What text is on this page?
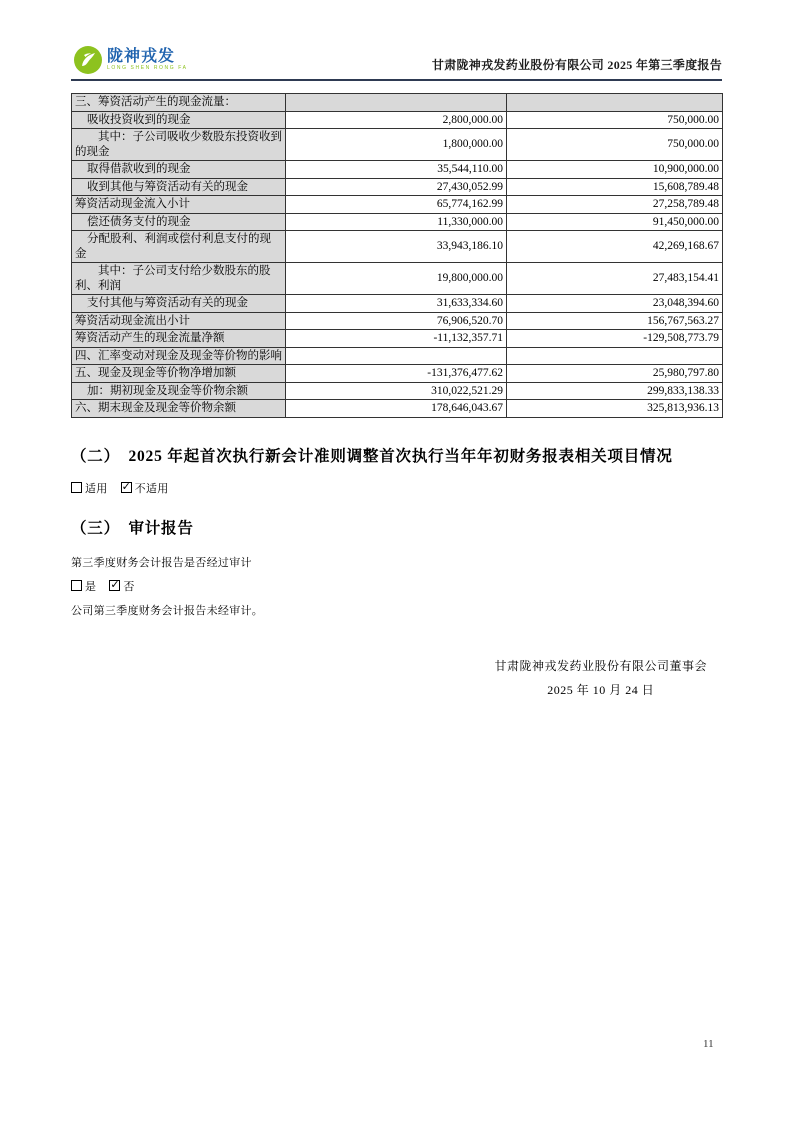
陇神戎发
LONG SHEN RONG FA	甘肃陇神戎发药业股份有限公司 2025 年第三季度报告
三、筹资活动产生的现金流量：		
吸收投资收到的现金	2,800,000.00	750,000.00
其中：子公司吸收少数股东投资收到的现金	1,800,000.00	750,000.00
取得借款收到的现金	35,544,110.00	10,900,000.00
收到其他与筹资活动有关的现金	27,430,052.99	15,608,789.48
筹资活动现金流入小计	65,774,162.99	27,258,789.48
偿还债务支付的现金	11,330,000.00	91,450,000.00
分配股利、利润或偿付利息支付的现金	33,943,186.10	42,269,168.67
其中：子公司支付给少数股东的股利、利润	19,800,000.00	27,483,154.41
支付其他与筹资活动有关的现金	31,633,334.60	23,048,394.60
筹资活动现金流出小计	76,906,520.70	156,767,563.27
筹资活动产生的现金流量净额	-11,132,357.71	-129,508,773.79
四、汇率变动对现金及现金等价物的影响		
五、现金及现金等价物净增加额	-131,376,477.62	25,980,797.80
加：期初现金及现金等价物余额	310,022,521.29	299,833,138.33
六、期末现金及现金等价物余额	178,646,043.67	325,813,936.13
（二）　2025 年起首次执行新会计准则调整首次执行当年年初财务报表相关项目情况
适用 ✓ 不适用
（三）　审计报告
第三季度财务会计报告是否经过审计
是 ✓ 否
公司第三季度财务会计报告未经审计。
甘肃陇神戎发药业股份有限公司董事会
2025 年 10 月 24 日
11
